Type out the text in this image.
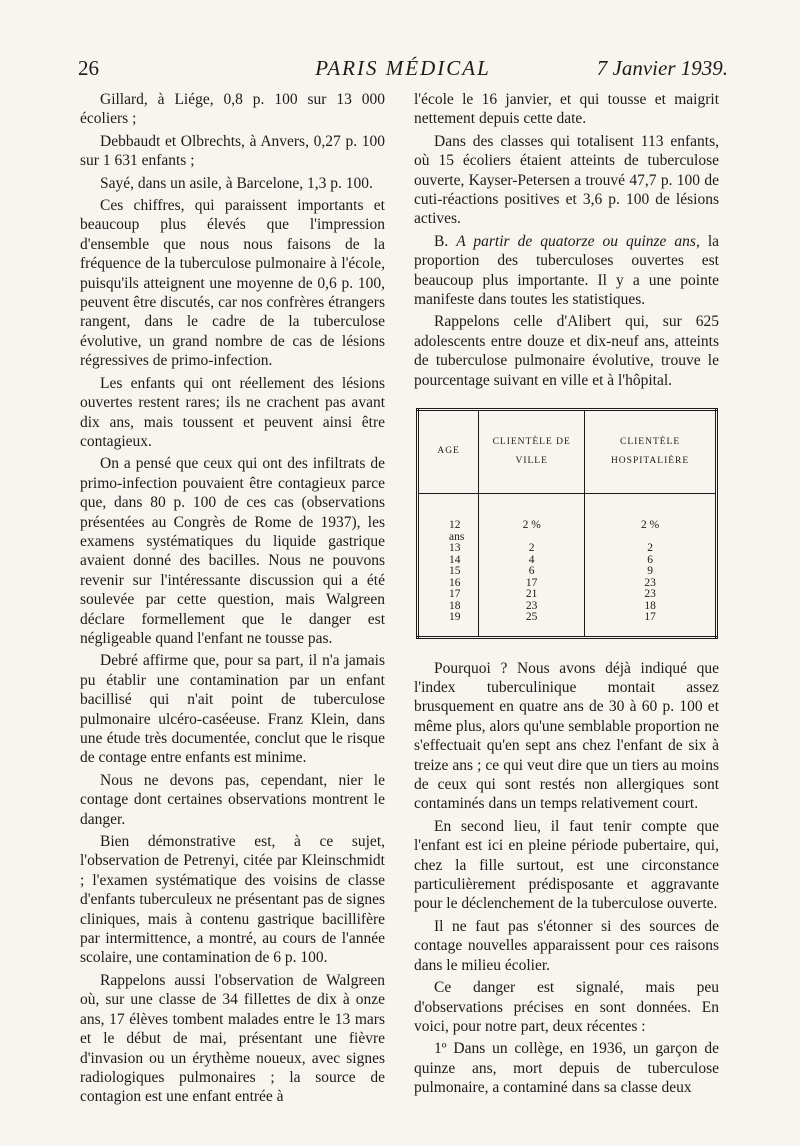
26	PARIS MÉDICAL	7 Janvier 1939.

Gillard, à Liége, 0,8 p. 100 sur 13 000 écoliers ;

Debbaudt et Olbrechts, à Anvers, 0,27 p. 100 sur 1 631 enfants ;

Sayé, dans un asile, à Barcelone, 1,3 p. 100.

Ces chiffres, qui paraissent importants et beaucoup plus élevés que l'impression d'ensemble que nous nous faisons de la fréquence de la tuberculose pulmonaire à l'école, puisqu'ils atteignent une moyenne de 0,6 p. 100, peuvent être discutés, car nos confrères étrangers rangent, dans le cadre de la tuberculose évolutive, un grand nombre de cas de lésions régressives de primo-infection.

Les enfants qui ont réellement des lésions ouvertes restent rares; ils ne crachent pas avant dix ans, mais toussent et peuvent ainsi être contagieux.

On a pensé que ceux qui ont des infiltrats de primo-infection pouvaient être contagieux parce que, dans 80 p. 100 de ces cas (observations présentées au Congrès de Rome de 1937), les examens systématiques du liquide gastrique avaient donné des bacilles. Nous ne pouvons revenir sur l'intéressante discussion qui a été soulevée par cette question, mais Walgreen déclare formellement que le danger est négligeable quand l'enfant ne tousse pas.

Debré affirme que, pour sa part, il n'a jamais pu établir une contamination par un enfant bacillisé qui n'ait point de tuberculose pulmonaire ulcéro-caséeuse. Franz Klein, dans une étude très documentée, conclut que le risque de contage entre enfants est minime.

Nous ne devons pas, cependant, nier le contage dont certaines observations montrent le danger.

Bien démonstrative est, à ce sujet, l'observation de Petrenyi, citée par Kleinschmidt ; l'examen systématique des voisins de classe d'enfants tuberculeux ne présentant pas de signes cliniques, mais à contenu gastrique bacillifère par intermittence, a montré, au cours de l'année scolaire, une contamination de 6 p. 100.

Rappelons aussi l'observation de Walgreen où, sur une classe de 34 fillettes de dix à onze ans, 17 élèves tombent malades entre le 13 mars et le début de mai, présentant une fièvre d'invasion ou un érythème noueux, avec signes radiologiques pulmonaires ; la source de contagion est une enfant entrée à

l'école le 16 janvier, et qui tousse et maigrit nettement depuis cette date.

Dans des classes qui totalisent 113 enfants, où 15 écoliers étaient atteints de tuberculose ouverte, Kayser-Petersen a trouvé 47,7 p. 100 de cuti-réactions positives et 3,6 p. 100 de lésions actives.

B. A partir de quatorze ou quinze ans, la proportion des tuberculoses ouvertes est beaucoup plus importante. Il y a une pointe manifeste dans toutes les statistiques.

Rappelons celle d'Alibert qui, sur 625 adolescents entre douze et dix-neuf ans, atteints de tuberculose pulmonaire évolutive, trouve le pourcentage suivant en ville et à l'hôpital.

AGE	CLIENTÈLE DE VILLE	CLIENTÈLE HOSPITALIÈRE
12 ans	2 %	2 %
13	2	2
14	4	6
15	6	9
16	17	23
17	21	23
18	23	18
19	25	17

Pourquoi ? Nous avons déjà indiqué que l'index tuberculinique montait assez brusquement en quatre ans de 30 à 60 p. 100 et même plus, alors qu'une semblable proportion ne s'effectuait qu'en sept ans chez l'enfant de six à treize ans ; ce qui veut dire que un tiers au moins de ceux qui sont restés non allergiques sont contaminés dans un temps relativement court.

En second lieu, il faut tenir compte que l'enfant est ici en pleine période pubertaire, qui, chez la fille surtout, est une circonstance particulièrement prédisposante et aggravante pour le déclenchement de la tuberculose ouverte.

Il ne faut pas s'étonner si des sources de contage nouvelles apparaissent pour ces raisons dans le milieu écolier.

Ce danger est signalé, mais peu d'observations précises en sont données. En voici, pour notre part, deux récentes :

1º Dans un collège, en 1936, un garçon de quinze ans, mort depuis de tuberculose pulmonaire, a contaminé dans sa classe deux
